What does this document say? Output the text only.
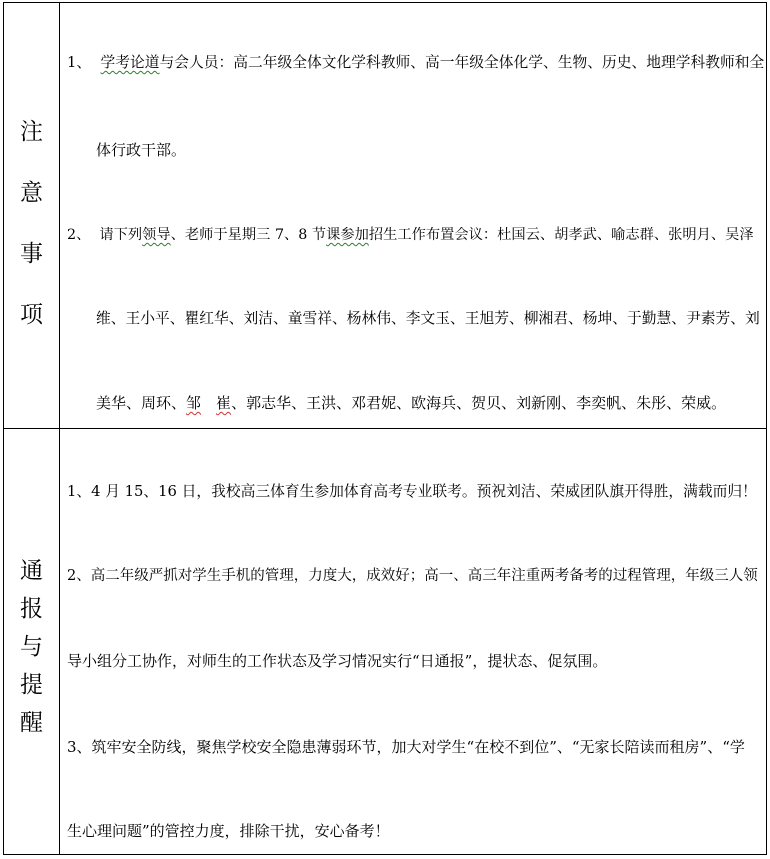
注
意
事
项
1、 学考论道与会人员：高二年级全体文化学科教师、高一年级全体化学、生物、历史、地理学科教师和全
体行政干部。
2、 请下列领导、老师于星期三 7、8 节课参加招生工作布置会议：杜国云、胡孝武、喻志群、张明月、吴泽
维、王小平、瞿红华、刘洁、童雪祥、杨林伟、李文玉、王旭芳、柳湘君、杨坤、于勤慧、尹素芳、刘
美华、周环、邹　 崔、郭志华、王洪、邓君妮、欧海兵、贺贝、刘新刚、李奕帆、朱彤、荣威。
通
报
与
提
醒
1、4 月 15、16 日，我校高三体育生参加体育高考专业联考。预祝刘洁、荣威团队旗开得胜，满载而归！
2、高二年级严抓对学生手机的管理，力度大，成效好；高一、高三年注重两考备考的过程管理，年级三人领
导小组分工协作，对师生的工作状态及学习情况实行“日通报”，提状态、促氛围。
3、筑牢安全防线，聚焦学校安全隐患薄弱环节，加大对学生“在校不到位”、“无家长陪读而租房”、“学
生心理问题”的管控力度，排除干扰，安心备考！
